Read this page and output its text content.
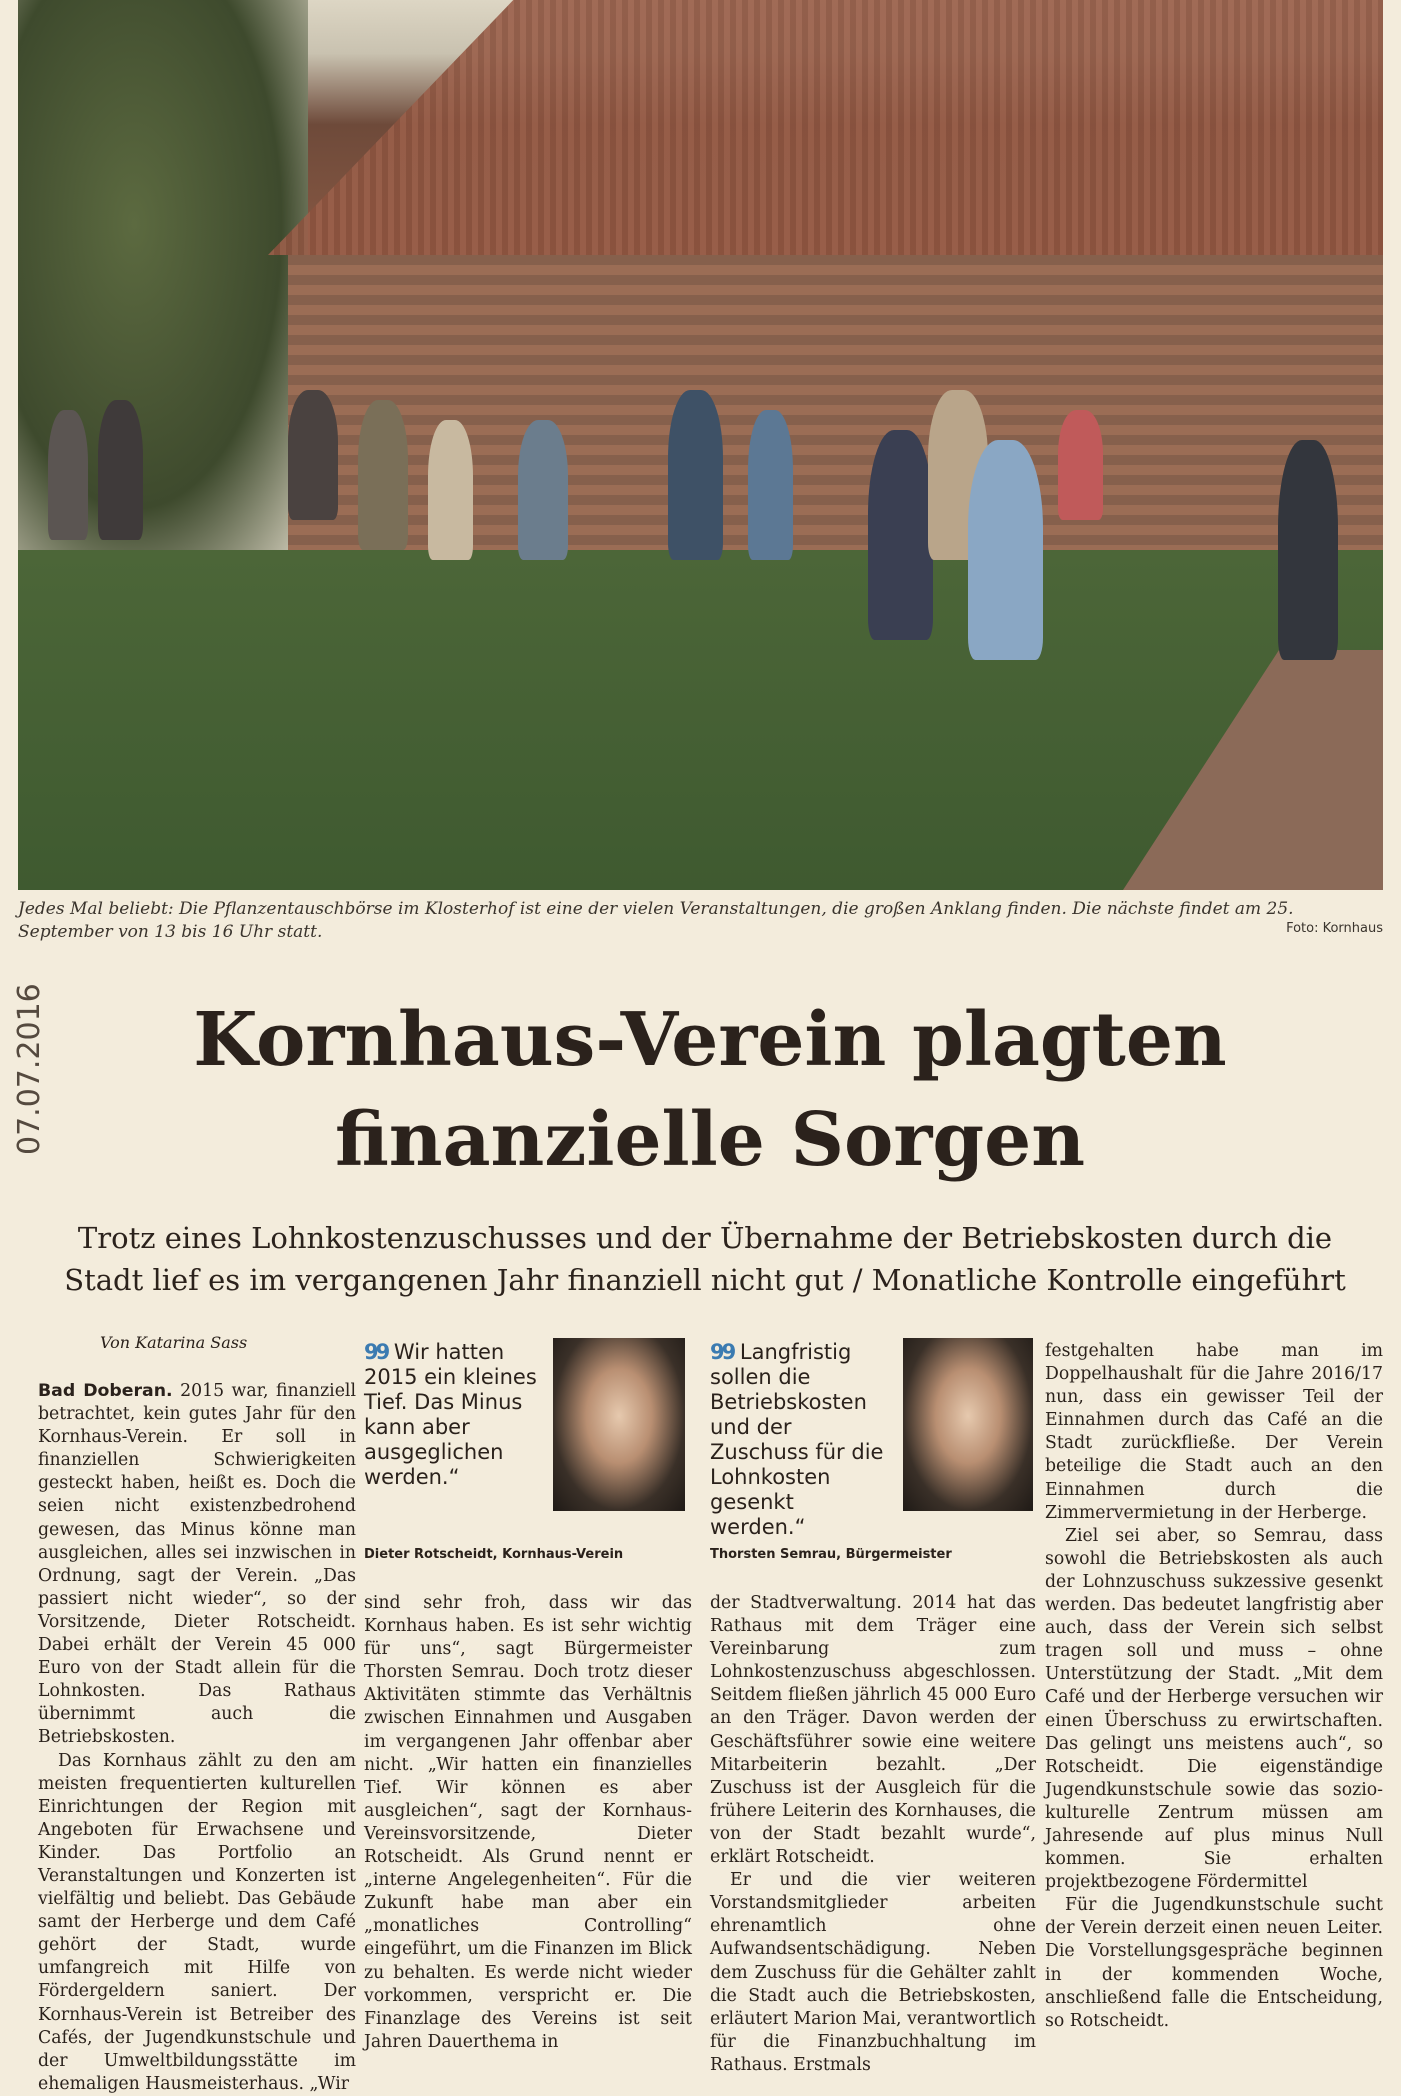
Jedes Mal beliebt: Die Pflanzentauschbörse im Klosterhof ist eine der vielen Veranstaltungen, die großen Anklang finden. Die nächste findet am 25. September von 13 bis 16 Uhr statt.	Foto: Kornhaus
07.07.2016	Kornhaus-Verein plagten
finanzielle Sorgen
Trotz eines Lohnkostenzuschusses und der Übernahme der Betriebskosten durch die Stadt lief es im vergangenen Jahr finanziell nicht gut / Monatliche Kontrolle eingeführt
Von Katarina Sass

Bad Doberan. 2015 war, finanziell betrachtet, kein gutes Jahr für den Kornhaus-Verein. Er soll in finanziellen Schwierigkeiten gesteckt haben, heißt es. Doch die seien nicht existenzbedrohend gewesen, das Minus könne man ausgleichen, alles sei inzwischen in Ordnung, sagt der Verein. „Das passiert nicht wieder“, so der Vorsitzende, Dieter Rotscheidt. Dabei erhält der Verein 45 000 Euro von der Stadt allein für die Lohnkosten. Das Rathaus übernimmt auch die Betriebskosten.

Das Kornhaus zählt zu den am meisten frequentierten kulturellen Einrichtungen der Region mit Angeboten für Erwachsene und Kinder. Das Portfolio an Veranstaltungen und Konzerten ist vielfältig und beliebt. Das Gebäude samt der Herberge und dem Café gehört der Stadt, wurde umfangreich mit Hilfe von Fördergeldern saniert. Der Kornhaus-Verein ist Betreiber des Cafés, der Jugendkunstschule und der Umweltbildungsstätte im ehemaligen Hausmeisterhaus. „Wir

99 Wir hatten 2015 ein kleines Tief. Das Minus kann aber ausgeglichen werden.“
Dieter Rotscheidt, Kornhaus-Verein
99 Langfristig sollen die Betriebskosten und der Zuschuss für die Lohnkosten gesenkt werden.“
Thorsten Semrau, Bürgermeister

sind sehr froh, dass wir das Kornhaus haben. Es ist sehr wichtig für uns“, sagt Bürgermeister Thorsten Semrau. Doch trotz dieser Aktivitäten stimmte das Verhältnis zwischen Einnahmen und Ausgaben im vergangenen Jahr offenbar aber nicht. „Wir hatten ein finanzielles Tief. Wir können es aber ausgleichen“, sagt der Kornhaus-Vereinsvorsitzende, Dieter Rotscheidt. Als Grund nennt er „interne Angelegenheiten“. Für die Zukunft habe man aber ein „monatliches Controlling“ eingeführt, um die Finanzen im Blick zu behalten. Es werde nicht wieder vorkommen, verspricht er. Die Finanzlage des Vereins ist seit Jahren Dauerthema in

der Stadtverwaltung. 2014 hat das Rathaus mit dem Träger eine Vereinbarung zum Lohnkostenzuschuss abgeschlossen. Seitdem fließen jährlich 45 000 Euro an den Träger. Davon werden der Geschäftsführer sowie eine weitere Mitarbeiterin bezahlt. „Der Zuschuss ist der Ausgleich für die frühere Leiterin des Kornhauses, die von der Stadt bezahlt wurde“, erklärt Rotscheidt.

Er und die vier weiteren Vorstandsmitglieder arbeiten ehrenamtlich ohne Aufwandsentschädigung. Neben dem Zuschuss für die Gehälter zahlt die Stadt auch die Betriebskosten, erläutert Marion Mai, verantwortlich für die Finanzbuchhaltung im Rathaus. Erstmals

festgehalten habe man im Doppelhaushalt für die Jahre 2016/17 nun, dass ein gewisser Teil der Einnahmen durch das Café an die Stadt zurückfließe. Der Verein beteilige die Stadt auch an den Einnahmen durch die Zimmervermietung in der Herberge.

Ziel sei aber, so Semrau, dass sowohl die Betriebskosten als auch der Lohnzuschuss sukzessive gesenkt werden. Das bedeutet langfristig aber auch, dass der Verein sich selbst tragen soll und muss – ohne Unterstützung der Stadt. „Mit dem Café und der Herberge versuchen wir einen Überschuss zu erwirtschaften. Das gelingt uns meistens auch“, so Rotscheidt. Die eigenständige Jugendkunstschule sowie das sozio-kulturelle Zentrum müssen am Jahresende auf plus minus Null kommen. Sie erhalten projektbezogene Fördermittel

Für die Jugendkunstschule sucht der Verein derzeit einen neuen Leiter. Die Vorstellungsgespräche beginnen in der kommenden Woche, anschließend falle die Entscheidung, so Rotscheidt.
